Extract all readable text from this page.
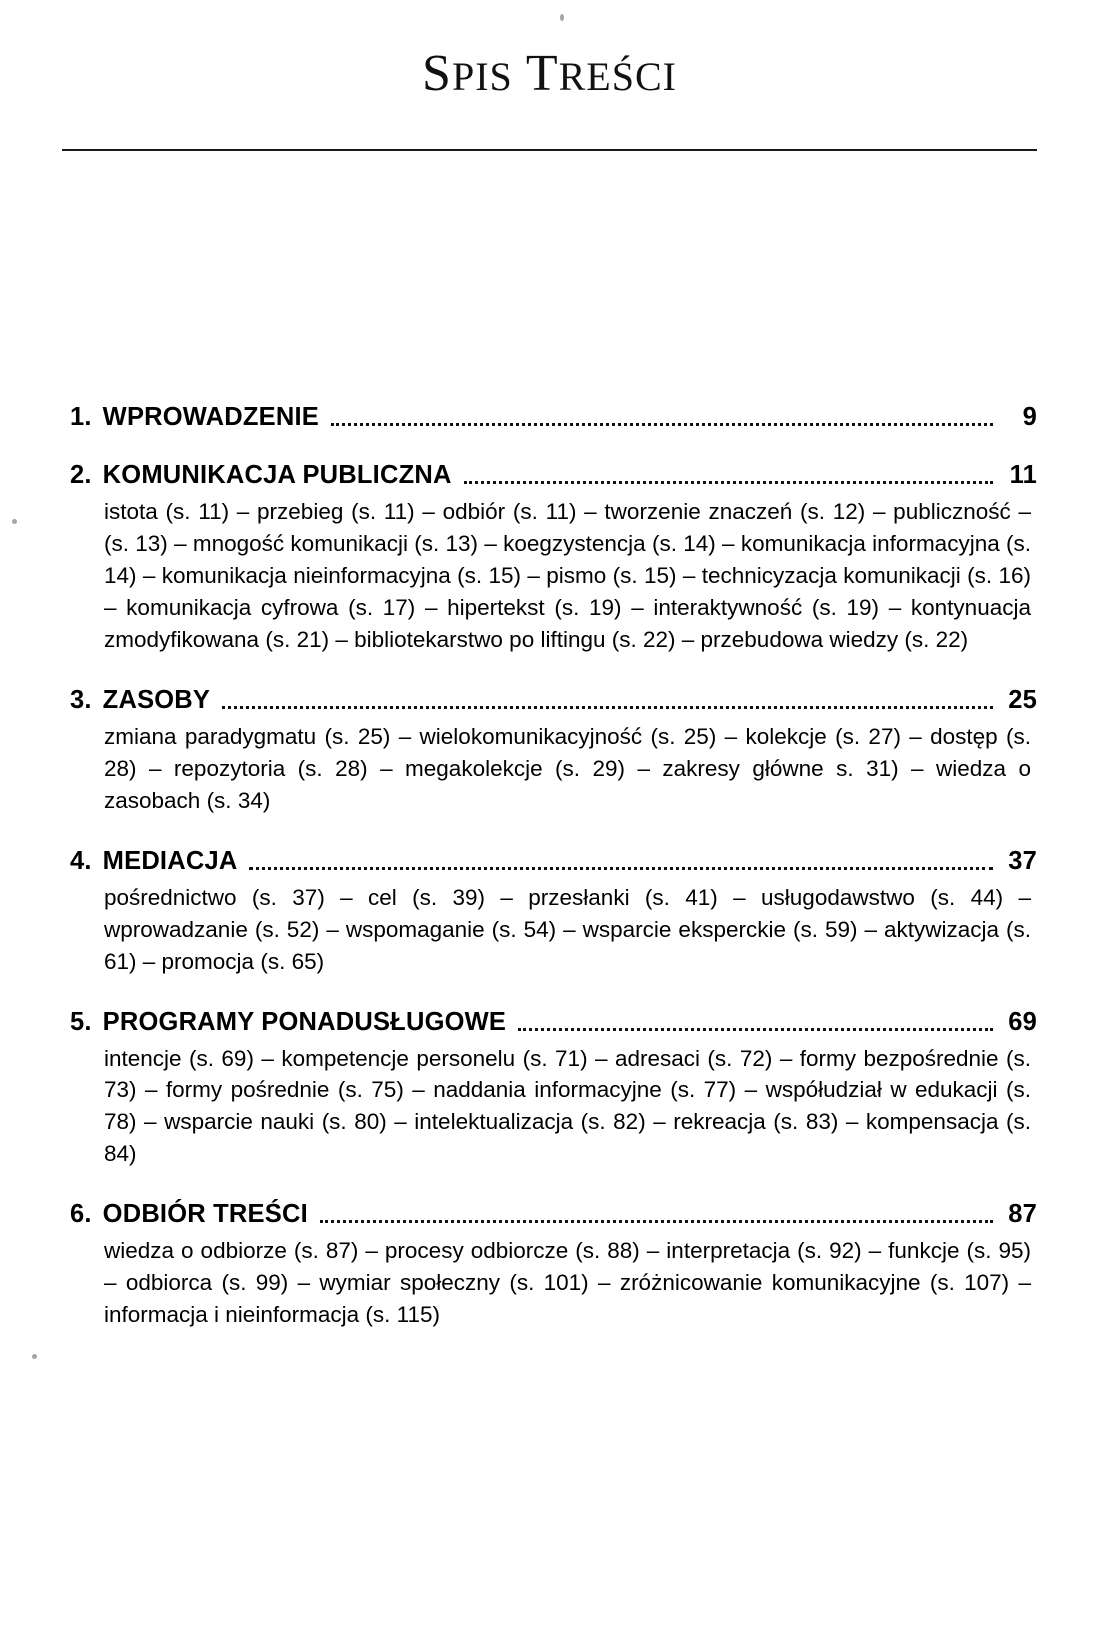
SPIS TREŚCI
1. WPROWADZENIE	9
2. KOMUNIKACJA PUBLICZNA	11
istota (s. 11) – przebieg (s. 11) – odbiór (s. 11) – tworzenie znaczeń (s. 12) – publiczność – (s. 13) – mnogość komunikacji (s. 13) – koegzystencja (s. 14) – komunikacja informacyjna (s. 14) – komunikacja nieinformacyjna (s. 15) – pismo (s. 15) – technicyzacja komunikacji (s. 16) – komunikacja cyfrowa (s. 17) – hipertekst (s. 19) – interaktywność (s. 19) – kontynuacja zmodyfikowana (s. 21) – bibliotekarstwo po liftingu (s. 22) – przebudowa wiedzy (s. 22)
3. ZASOBY	25
zmiana paradygmatu (s. 25) – wielokomunikacyjność (s. 25) – kolekcje (s. 27) – dostęp (s. 28) – repozytoria (s. 28) – megakolekcje (s. 29) – zakresy główne s. 31) – wiedza o zasobach (s. 34)
4. MEDIACJA	37
pośrednictwo (s. 37) – cel (s. 39) – przesłanki (s. 41) – usługodawstwo (s. 44) – wprowadzanie (s. 52) – wspomaganie (s. 54) – wsparcie eksperckie (s. 59) – aktywizacja (s. 61) – promocja (s. 65)
5. PROGRAMY PONADUSŁUGOWE	69
intencje (s. 69) – kompetencje personelu (s. 71) – adresaci (s. 72) – formy bezpośrednie (s. 73) – formy pośrednie (s. 75) – naddania informacyjne (s. 77) – współudział w edukacji (s. 78) – wsparcie nauki (s. 80) – intelektualizacja (s. 82) – rekreacja (s. 83) – kompensacja (s. 84)
6. ODBIÓR TREŚCI	87
wiedza o odbiorze (s. 87) – procesy odbiorcze (s. 88) – interpretacja (s. 92) – funkcje (s. 95) – odbiorca (s. 99) – wymiar społeczny (s. 101) – zróżnicowanie komunikacyjne (s. 107) – informacja i nieinformacja (s. 115)
